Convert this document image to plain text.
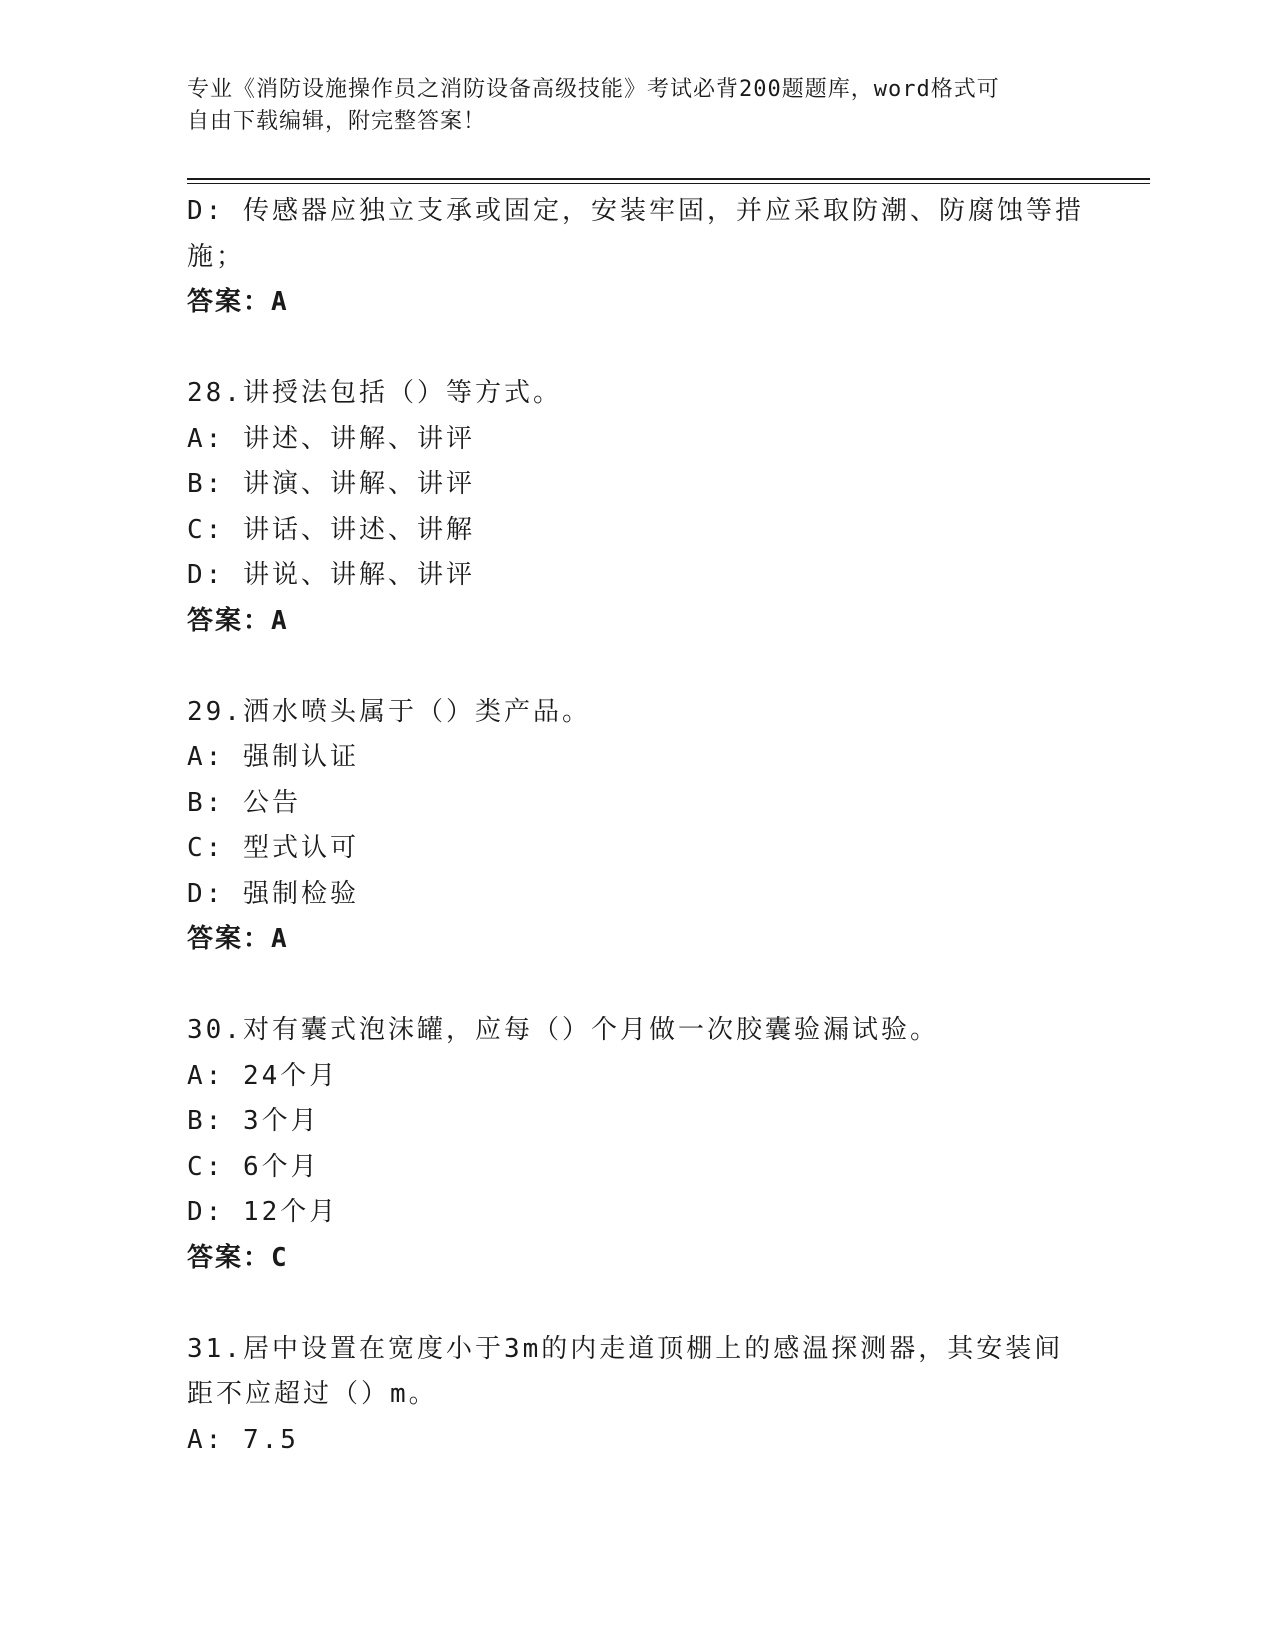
专业《消防设施操作员之消防设备高级技能》考试必背200题题库，word格式可
自由下载编辑，附完整答案！
D: 传感器应独立支承或固定，安装牢固，并应采取防潮、防腐蚀等措
施；
答案：A
28.讲授法包括（）等方式。
A: 讲述、讲解、讲评
B: 讲演、讲解、讲评
C: 讲话、讲述、讲解
D: 讲说、讲解、讲评
答案：A
29.洒水喷头属于（）类产品。
A: 强制认证
B: 公告
C: 型式认可
D: 强制检验
答案：A
30.对有囊式泡沫罐，应每（）个月做一次胶囊验漏试验。
A: 24个月
B: 3个月
C: 6个月
D: 12个月
答案：C
31.居中设置在宽度小于3m的内走道顶棚上的感温探测器，其安装间
距不应超过（）m。
A: 7.5
